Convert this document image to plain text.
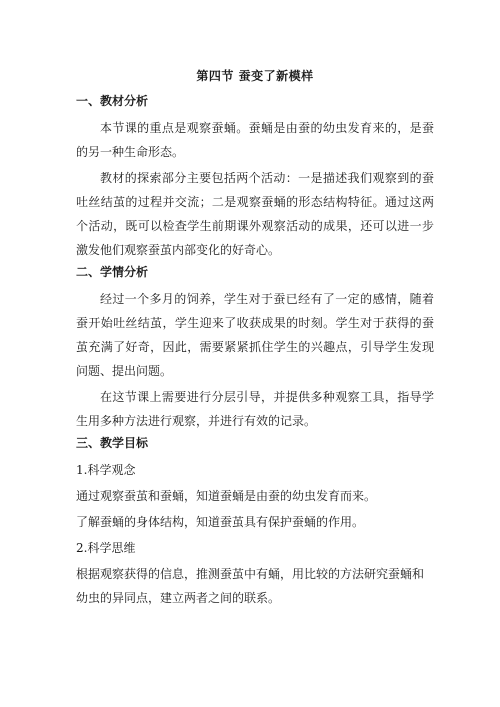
第四节 蚕变了新模样
一、教材分析

本节课的重点是观察蚕蛹。蚕蛹是由蚕的幼虫发育来的，是蚕的另一种生命形态。

教材的探索部分主要包括两个活动：一是描述我们观察到的蚕吐丝结茧的过程并交流；二是观察蚕蛹的形态结构特征。通过这两个活动，既可以检查学生前期课外观察活动的成果，还可以进一步激发他们观察蚕茧内部变化的好奇心。

二、学情分析

经过一个多月的饲养，学生对于蚕已经有了一定的感情，随着蚕开始吐丝结茧，学生迎来了收获成果的时刻。学生对于获得的蚕茧充满了好奇，因此，需要紧紧抓住学生的兴趣点，引导学生发现问题、提出问题。

在这节课上需要进行分层引导，并提供多种观察工具，指导学生用多种方法进行观察，并进行有效的记录。

三、教学目标
1.科学观念
通过观察蚕茧和蚕蛹，知道蚕蛹是由蚕的幼虫发育而来。
了解蚕蛹的身体结构，知道蚕茧具有保护蚕蛹的作用。
2.科学思维

根据观察获得的信息，推测蚕茧中有蛹，用比较的方法研究蚕蛹和幼虫的异同点，建立两者之间的联系。
